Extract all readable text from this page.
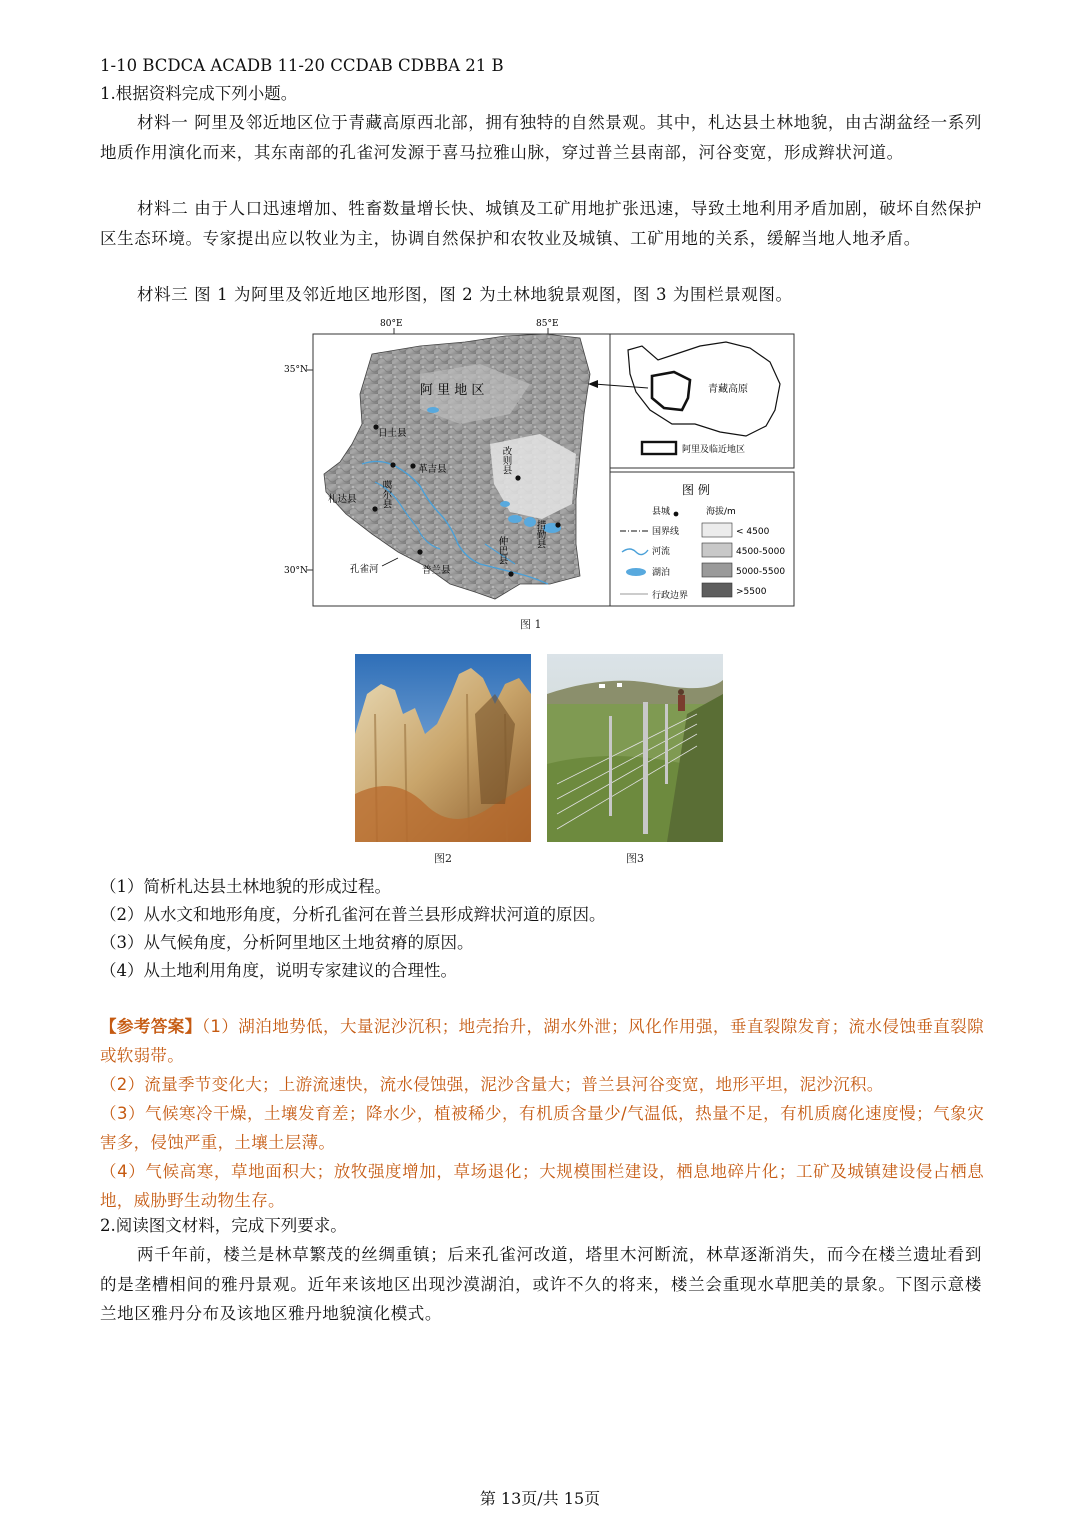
1-10 BCDCA ACADB 11-20 CCDAB CDBBA 21 B
1.根据资料完成下列小题。
材料一 阿里及邻近地区位于青藏高原西北部，拥有独特的自然景观。其中，札达县土林地貌，由古湖盆经一系列地质作用演化而来，其东南部的孔雀河发源于喜马拉雅山脉，穿过普兰县南部，河谷变宽，形成辫状河道。
材料二 由于人口迅速增加、牲畜数量增长快、城镇及工矿用地扩张迅速，导致土地利用矛盾加剧，破坏自然保护区生态环境。专家提出应以牧业为主，协调自然保护和农牧业及城镇、工矿用地的关系，缓解当地人地矛盾。
材料三 图 1 为阿里及邻近地区地形图，图 2 为土林地貌景观图，图 3 为围栏景观图。
80°E	85°E
35°N
30°N
阿 里 地 区
日土县
噶尔县
革吉县	改则县
札达县
普兰县
措勤县
仲巴县
孔雀河
青藏高原
阿里及临近地区
图 例
县城	海拔/m
国界线
河流
湖泊
行政边界
< 4500
4500-5000
5000-5500
>5500
图 1
图2	图3
（1）简析札达县土林地貌的形成过程。
（2）从水文和地形角度，分析孔雀河在普兰县形成辫状河道的原因。
（3）从气候角度，分析阿里地区土地贫瘠的原因。
（4）从土地利用角度，说明专家建议的合理性。
【参考答案】（1）湖泊地势低，大量泥沙沉积；地壳抬升，湖水外泄；风化作用强，垂直裂隙发育；流水侵蚀垂直裂隙或软弱带。
（2）流量季节变化大；上游流速快，流水侵蚀强，泥沙含量大；普兰县河谷变宽，地形平坦，泥沙沉积。
（3）气候寒冷干燥，土壤发育差；降水少，植被稀少，有机质含量少/气温低，热量不足，有机质腐化速度慢；气象灾害多，侵蚀严重，土壤土层薄。
（4）气候高寒，草地面积大；放牧强度增加，草场退化；大规模围栏建设，栖息地碎片化；工矿及城镇建设侵占栖息地，威胁野生动物生存。
2.阅读图文材料，完成下列要求。
两千年前，楼兰是林草繁茂的丝绸重镇；后来孔雀河改道，塔里木河断流，林草逐渐消失，而今在楼兰遗址看到的是垄槽相间的雅丹景观。近年来该地区出现沙漠湖泊，或许不久的将来，楼兰会重现水草肥美的景象。下图示意楼兰地区雅丹分布及该地区雅丹地貌演化模式。
第 13页/共 15页
